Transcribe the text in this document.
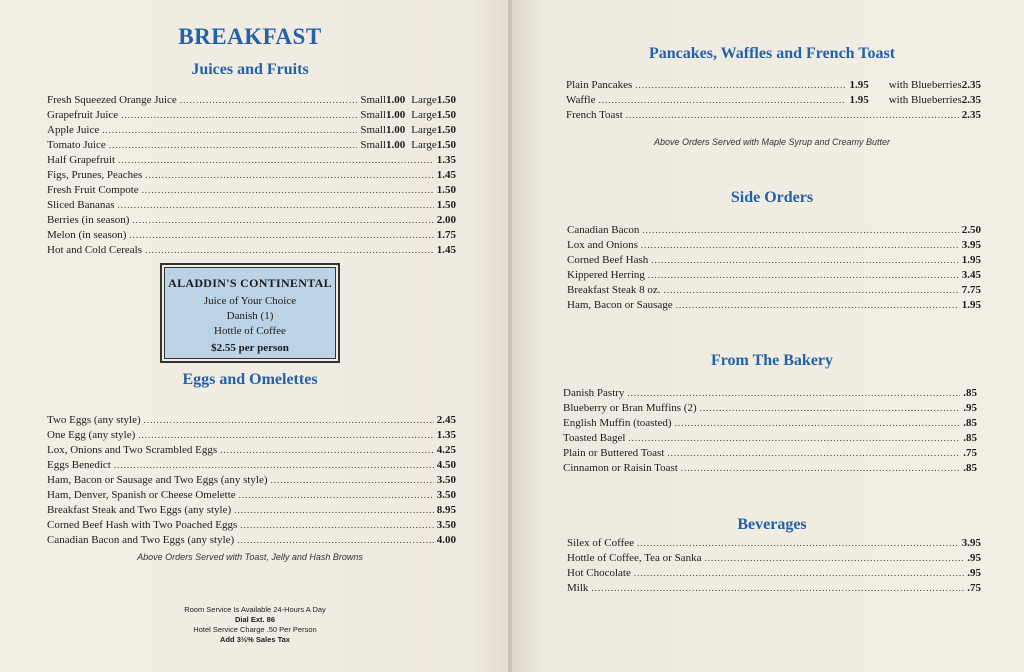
BREAKFAST
Juices and Fruits
Fresh Squeezed Orange Juice .....	Small 1.00 Large 1.50
Grapefruit Juice .....	Small 1.00 Large 1.50
Apple Juice .....	Small 1.00 Large 1.50
Tomato Juice .....	Small 1.00 Large 1.50
Half Grapefruit .....	1.35
Figs, Prunes, Peaches .....	1.45
Fresh Fruit Compote .....	1.50
Sliced Bananas .....	1.50
Berries (in season) .....	2.00
Melon (in season) .....	1.75
Hot and Cold Cereals .....	1.45
ALADDIN'S CONTINENTAL
Juice of Your Choice
Danish (1)
Hottle of Coffee
$2.55 per person
Eggs and Omelettes
Two Eggs (any style) .....	2.45
One Egg (any style) .....	1.35
Lox, Onions and Two Scrambled Eggs .....	4.25
Eggs Benedict .....	4.50
Ham, Bacon or Sausage and Two Eggs (any style) .....	3.50
Ham, Denver, Spanish or Cheese Omelette .....	3.50
Breakfast Steak and Two Eggs (any style) .....	8.95
Corned Beef Hash with Two Poached Eggs .....	3.50
Canadian Bacon and Two Eggs (any style) .....	4.00
Above Orders Served with Toast, Jelly and Hash Browns
Room Service Is Available 24-Hours A Day
Dial Ext. 86
Hotel Service Charge .50 Per Person
Add 3½% Sales Tax
Pancakes, Waffles and French Toast
Plain Pancakes .....	1.95 with Blueberries 2.35
Waffle .....	1.95 with Blueberries 2.35
French Toast .....	2.35
Above Orders Served with Maple Syrup and Creamy Butter
Side Orders
Canadian Bacon .....	2.50
Lox and Onions .....	3.95
Corned Beef Hash .....	1.95
Kippered Herring .....	3.45
Breakfast Steak 8 oz. .....	7.75
Ham, Bacon or Sausage .....	1.95
From The Bakery
Danish Pastry .....	.85
Blueberry or Bran Muffins (2) .....	.95
English Muffin (toasted) .....	.85
Toasted Bagel .....	.85
Plain or Buttered Toast .....	.75
Cinnamon or Raisin Toast .....	.85
Beverages
Silex of Coffee .....	3.95
Hottle of Coffee, Tea or Sanka .....	.95
Hot Chocolate .....	.95
Milk .....	.75
